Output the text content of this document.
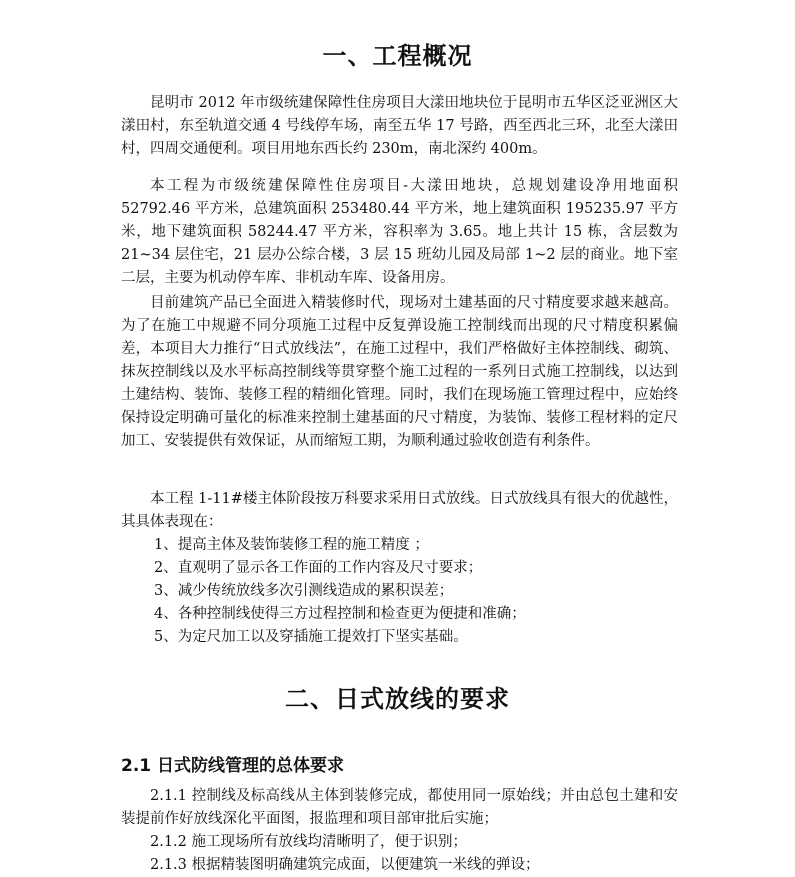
一、工程概况

昆明市 2012 年市级统建保障性住房项目大漾田地块位于昆明市五华区泛亚洲区大漾田村，东至轨道交通 4 号线停车场，南至五华 17 号路，西至西北三环，北至大漾田村，四周交通便利。项目用地东西长约 230m，南北深约 400m。

本工程为市级统建保障性住房项目-大漾田地块，总规划建设净用地面积 52792.46 平方米，总建筑面积 253480.44 平方米，地上建筑面积 195235.97 平方米，地下建筑面积 58244.47 平方米，容积率为 3.65。地上共计 15 栋，含层数为 21~34 层住宅，21 层办公综合楼，3 层 15 班幼儿园及局部 1~2 层的商业。地下室二层，主要为机动停车库、非机动车库、设备用房。

目前建筑产品已全面进入精装修时代，现场对土建基面的尺寸精度要求越来越高。为了在施工中规避不同分项施工过程中反复弹设施工控制线而出现的尺寸精度积累偏差，本项目大力推行“日式放线法”，在施工过程中，我们严格做好主体控制线、砌筑、抹灰控制线以及水平标高控制线等贯穿整个施工过程的一系列日式施工控制线，以达到土建结构、装饰、装修工程的精细化管理。同时，我们在现场施工管理过程中，应始终保持设定明确可量化的标准来控制土建基面的尺寸精度，为装饰、装修工程材料的定尺加工、安装提供有效保证，从而缩短工期，为顺利通过验收创造有利条件。

本工程 1-11#楼主体阶段按万科要求采用日式放线。日式放线具有很大的优越性，其具体表现在：

1、提高主体及装饰装修工程的施工精度 ；
2、直观明了显示各工作面的工作内容及尺寸要求；
3、减少传统放线多次引测线造成的累积误差；
4、各种控制线使得三方过程控制和检查更为便捷和准确；
5、为定尺加工以及穿插施工提效打下坚实基础。
二、日式放线的要求
2.1 日式防线管理的总体要求

2.1.1 控制线及标高线从主体到装修完成，都使用同一原始线；并由总包土建和安装提前作好放线深化平面图，报监理和项目部审批后实施；

2.1.2 施工现场所有放线均清晰明了，便于识别；

2.1.3 根据精装图明确建筑完成面，以便建筑一米线的弹设；
